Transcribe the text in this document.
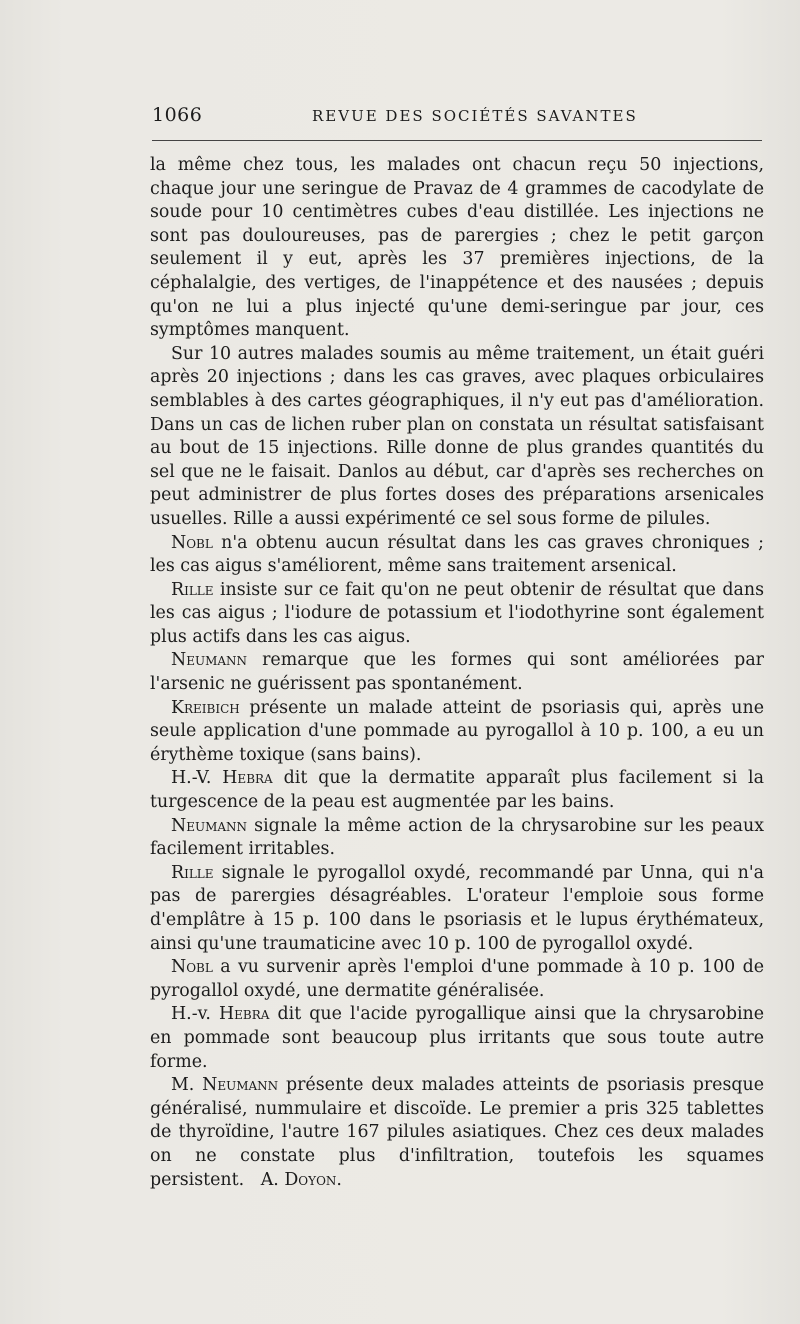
1066	REVUE DES SOCIÉTÉS SAVANTES

la même chez tous, les malades ont chacun reçu 50 injections, chaque jour une seringue de Pravaz de 4 grammes de cacodylate de soude pour 10 centimètres cubes d'eau distillée. Les injections ne sont pas douloureuses, pas de parergies ; chez le petit garçon seulement il y eut, après les 37 premières injections, de la céphalalgie, des vertiges, de l'inappétence et des nausées ; depuis qu'on ne lui a plus injecté qu'une demi-seringue par jour, ces symptômes manquent.

Sur 10 autres malades soumis au même traitement, un était guéri après 20 injections ; dans les cas graves, avec plaques orbiculaires semblables à des cartes géographiques, il n'y eut pas d'amélioration. Dans un cas de lichen ruber plan on constata un résultat satisfaisant au bout de 15 injections. Rille donne de plus grandes quantités du sel que ne le faisait. Danlos au début, car d'après ses recherches on peut administrer de plus fortes doses des préparations arsenicales usuelles. Rille a aussi expérimenté ce sel sous forme de pilules.

Nobl n'a obtenu aucun résultat dans les cas graves chroniques ; les cas aigus s'améliorent, même sans traitement arsenical.

Rille insiste sur ce fait qu'on ne peut obtenir de résultat que dans les cas aigus ; l'iodure de potassium et l'iodothyrine sont également plus actifs dans les cas aigus.

Neumann remarque que les formes qui sont améliorées par l'arsenic ne guérissent pas spontanément.

Kreibich présente un malade atteint de psoriasis qui, après une seule application d'une pommade au pyrogallol à 10 p. 100, a eu un érythème toxique (sans bains).

H.-V. Hebra dit que la dermatite apparaît plus facilement si la turgescence de la peau est augmentée par les bains.

Neumann signale la même action de la chrysarobine sur les peaux facilement irritables.

Rille signale le pyrogallol oxydé, recommandé par Unna, qui n'a pas de parergies désagréables. L'orateur l'emploie sous forme d'emplâtre à 15 p. 100 dans le psoriasis et le lupus érythémateux, ainsi qu'une traumaticine avec 10 p. 100 de pyrogallol oxydé.

Nobl a vu survenir après l'emploi d'une pommade à 10 p. 100 de pyrogallol oxydé, une dermatite généralisée.

H.-v. Hebra dit que l'acide pyrogallique ainsi que la chrysarobine en pommade sont beaucoup plus irritants que sous toute autre forme.

M. Neumann présente deux malades atteints de psoriasis presque généralisé, nummulaire et discoïde. Le premier a pris 325 tablettes de thyroïdine, l'autre 167 pilules asiatiques. Chez ces deux malades on ne constate plus d'infiltration, toutefois les squames persistent. A. Doyon.
